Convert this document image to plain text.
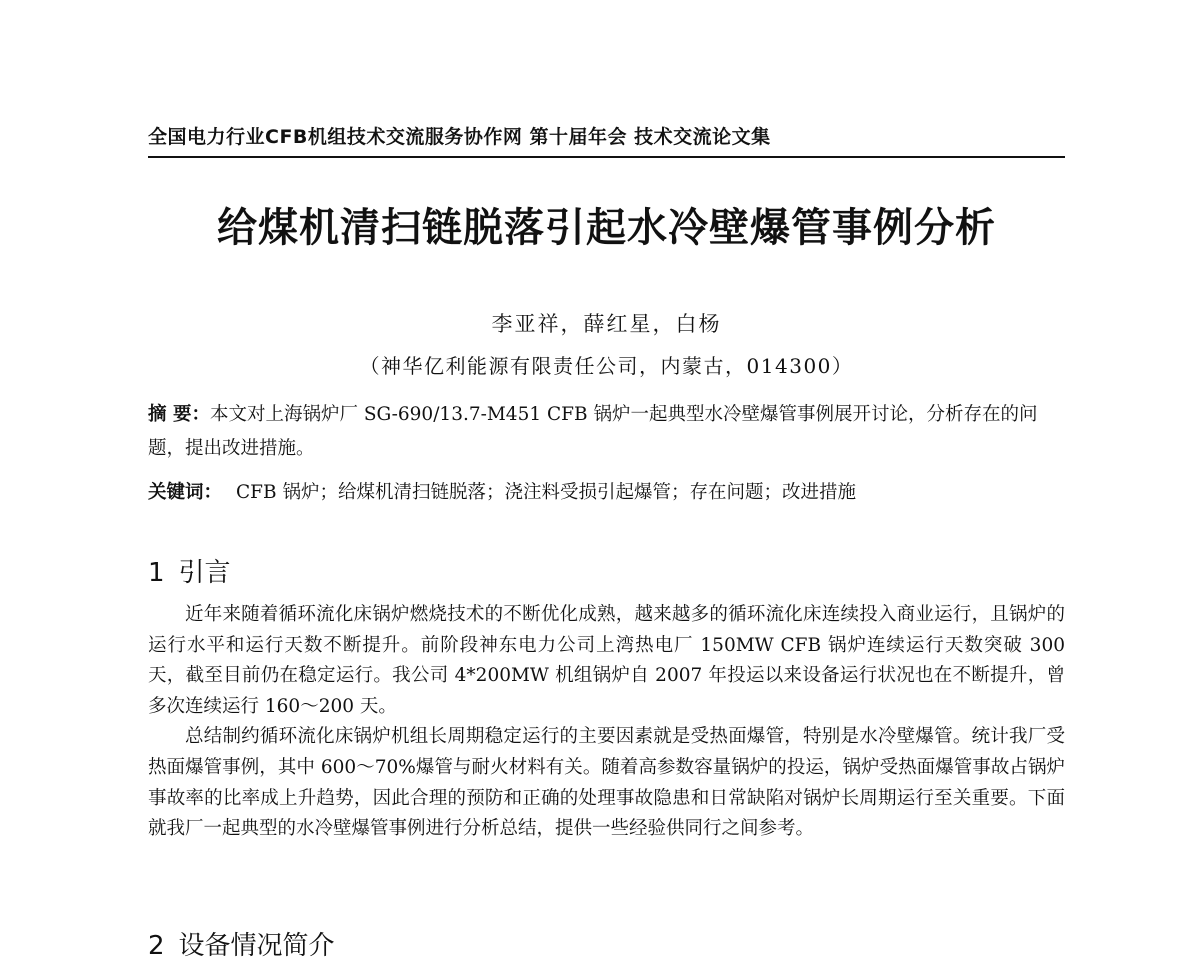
全国电力行业CFB机组技术交流服务协作网 第十届年会 技术交流论文集
给煤机清扫链脱落引起水冷壁爆管事例分析
李亚祥，薛红星，白杨
（神华亿利能源有限责任公司，内蒙古，014300）
摘 要：本文对上海锅炉厂 SG-690/13.7-M451 CFB 锅炉一起典型水冷壁爆管事例展开讨论，分析存在的问题，提出改进措施。
关键词： CFB 锅炉；给煤机清扫链脱落；浇注料受损引起爆管；存在问题；改进措施
1 引言

近年来随着循环流化床锅炉燃烧技术的不断优化成熟，越来越多的循环流化床连续投入商业运行，且锅炉的运行水平和运行天数不断提升。前阶段神东电力公司上湾热电厂 150MW CFB 锅炉连续运行天数突破 300 天，截至目前仍在稳定运行。我公司 4*200MW 机组锅炉自 2007 年投运以来设备运行状况也在不断提升，曾多次连续运行 160～200 天。

总结制约循环流化床锅炉机组长周期稳定运行的主要因素就是受热面爆管，特别是水冷壁爆管。统计我厂受热面爆管事例，其中 600～70%爆管与耐火材料有关。随着高参数容量锅炉的投运，锅炉受热面爆管事故占锅炉事故率的比率成上升趋势，因此合理的预防和正确的处理事故隐患和日常缺陷对锅炉长周期运行至关重要。下面就我厂一起典型的水冷壁爆管事例进行分析总结，提供一些经验供同行之间参考。

2 设备情况简介
